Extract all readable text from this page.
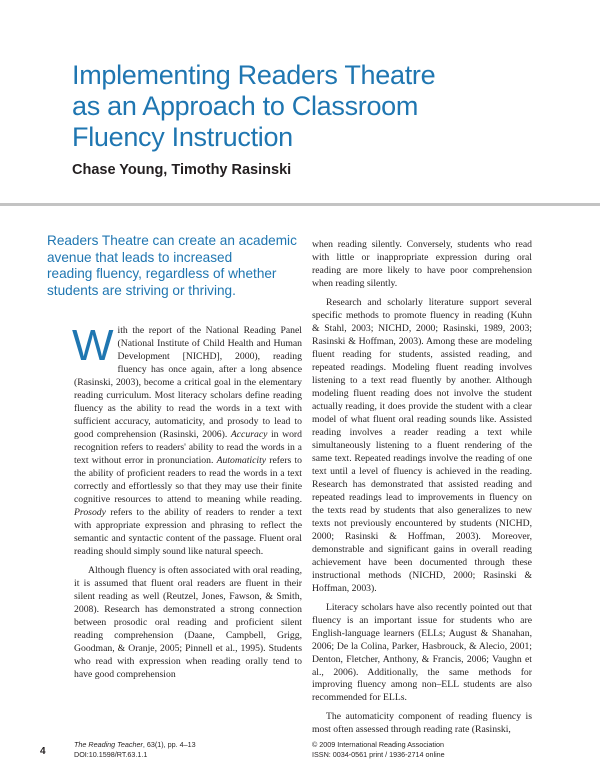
Implementing Readers Theatre
as an Approach to Classroom
Fluency Instruction
Chase Young, Timothy Rasinski
Readers Theatre can create an academic
avenue that leads to increased
reading fluency, regardless of whether
students are striving or thriving.

With the report of the National Reading Panel (National Institute of Child Health and Human Development [NICHD], 2000), reading fluency has once again, after a long absence (Rasinski, 2003), become a critical goal in the elementary reading curriculum. Most literacy scholars define reading fluency as the ability to read the words in a text with sufficient accuracy, automaticity, and prosody to lead to good comprehension (Rasinski, 2006). Accuracy in word recognition refers to readers' ability to read the words in a text without error in pronunciation. Automaticity refers to the ability of proficient readers to read the words in a text correctly and effortlessly so that they may use their finite cognitive resources to attend to meaning while reading. Prosody refers to the ability of readers to render a text with appropriate expression and phrasing to reflect the semantic and syntactic content of the passage. Fluent oral reading should simply sound like natural speech.

Although fluency is often associated with oral reading, it is assumed that fluent oral readers are fluent in their silent reading as well (Reutzel, Jones, Fawson, & Smith, 2008). Research has demonstrated a strong connection between prosodic oral reading and proficient silent reading comprehension (Daane, Campbell, Grigg, Goodman, & Oranje, 2005; Pinnell et al., 1995). Students who read with expression when reading orally tend to have good comprehension

when reading silently. Conversely, students who read with little or inappropriate expression during oral reading are more likely to have poor comprehension when reading silently.

Research and scholarly literature support several specific methods to promote fluency in reading (Kuhn & Stahl, 2003; NICHD, 2000; Rasinski, 1989, 2003; Rasinski & Hoffman, 2003). Among these are modeling fluent reading for students, assisted reading, and repeated readings. Modeling fluent reading involves listening to a text read fluently by another. Although modeling fluent reading does not involve the student actually reading, it does provide the student with a clear model of what fluent oral reading sounds like. Assisted reading involves a reader reading a text while simultaneously listening to a fluent rendering of the same text. Repeated readings involve the reading of one text until a level of fluency is achieved in the reading. Research has demonstrated that assisted reading and repeated readings lead to improvements in fluency on the texts read by students that also generalizes to new texts not previously encountered by students (NICHD, 2000; Rasinski & Hoffman, 2003). Moreover, demonstrable and significant gains in overall reading achievement have been documented through these instructional methods (NICHD, 2000; Rasinski & Hoffman, 2003).

Literacy scholars have also recently pointed out that fluency is an important issue for students who are English-language learners (ELLs; August & Shanahan, 2006; De la Colina, Parker, Hasbrouck, & Alecio, 2001; Denton, Fletcher, Anthony, & Francis, 2006; Vaughn et al., 2006). Additionally, the same methods for improving fluency among non–ELL students are also recommended for ELLs.

The automaticity component of reading fluency is most often assessed through reading rate (Rasinski,

4
The Reading Teacher, 63(1), pp. 4–13
DOI:10.1598/RT.63.1.1
© 2009 International Reading Association
ISSN: 0034-0561 print / 1936-2714 online
